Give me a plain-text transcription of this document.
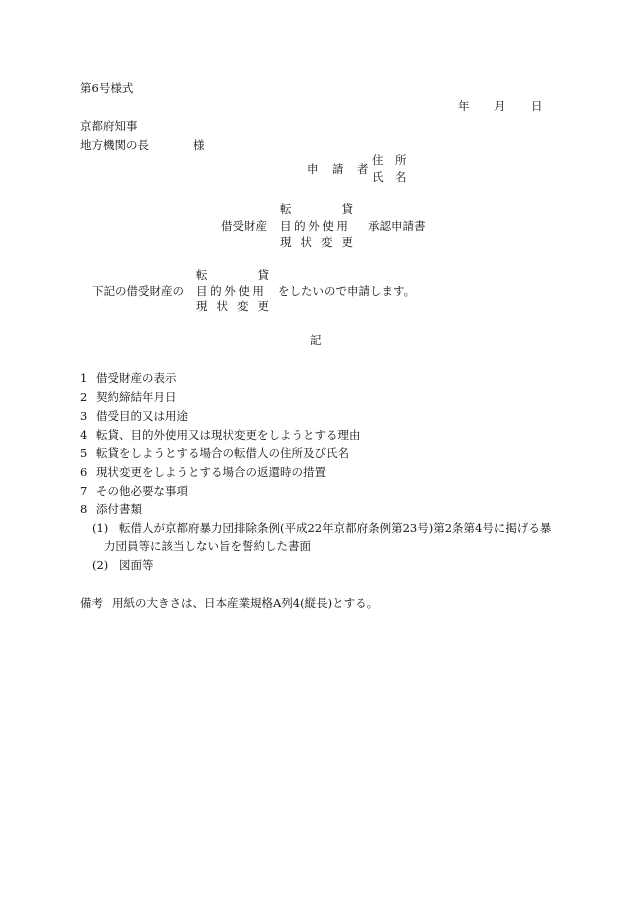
第6号様式
年 月 日
京都府知事
地方機関の長	様
申　請　者
住　所
氏　名
転	貸
借受財産 目的外使用 承認申請書
現状変更
転	貸
下記の借受財産の 目的外使用 をしたいので申請します。
現状変更
記
1 借受財産の表示
2 契約締結年月日
3 借受目的又は用途
4 転貸、目的外使用又は現状変更をしようとする理由
5 転貸をしようとする場合の転借人の住所及び氏名
6 現状変更をしようとする場合の返還時の措置
7 その他必要な事項
8 添付書類
(1) 転借人が京都府暴力団排除条例(平成22年京都府条例第23号)第2条第4号に掲げる暴
力団員等に該当しない旨を誓約した書面
(2) 図面等
備考 用紙の大きさは、日本産業規格A列4(縦長)とする。
